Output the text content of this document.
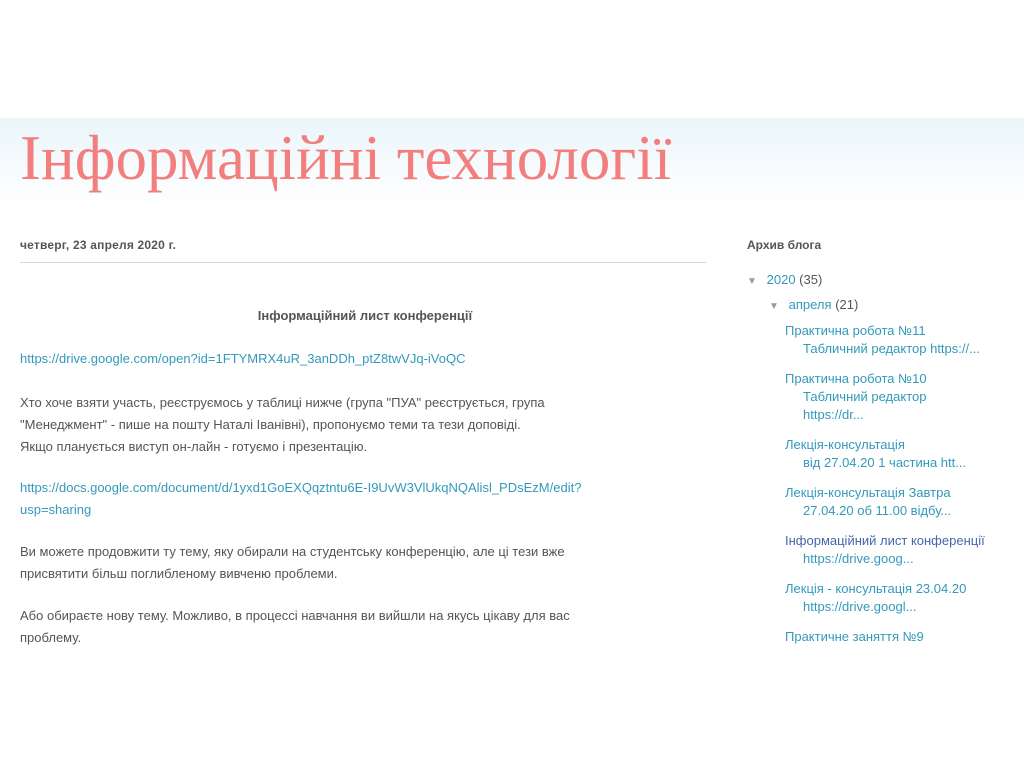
Інформаційні технології
четверг, 23 апреля 2020 г.
Інформаційний лист конференції
https://drive.google.com/open?id=1FTYMRX4uR_3anDDh_ptZ8twVJq-iVoQC
Хто хоче взяти участь, реєструємось у таблиці нижче (група "ПУА" реєструється, група
"Менеджмент" - пише на пошту Наталі Іванівні), пропонуємо теми та тези доповіді.
Якщо планується виступ он-лайн - готуємо і презентацію.
https://docs.google.com/document/d/1yxd1GoEXQqztntu6E-I9UvW3VlUkqNQAlisl_PDsEzM/edit?
usp=sharing
Ви можете продовжити ту тему, яку обирали на студентську конференцію, але ці тези вже
присвятити більш поглибленому вивченю проблеми.
Або обираєте нову тему. Можливо, в процессі навчання ви вийшли на якусь цікаву для вас
проблему.
Архив блога
▼ 2020 (35)
▼ апреля (21)
Практична робота №11
Табличний редактор https://...
Практична робота №10
Табличний редактор
https://dr...
Лекція-консультація
від 27.04.20 1 частина htt...
Лекція-консультація Завтра
27.04.20 об 11.00 відбу...
Інформаційний лист конференції
https://drive.goog...
Лекція - консультація 23.04.20
https://drive.googl...
Практичне заняття №9
